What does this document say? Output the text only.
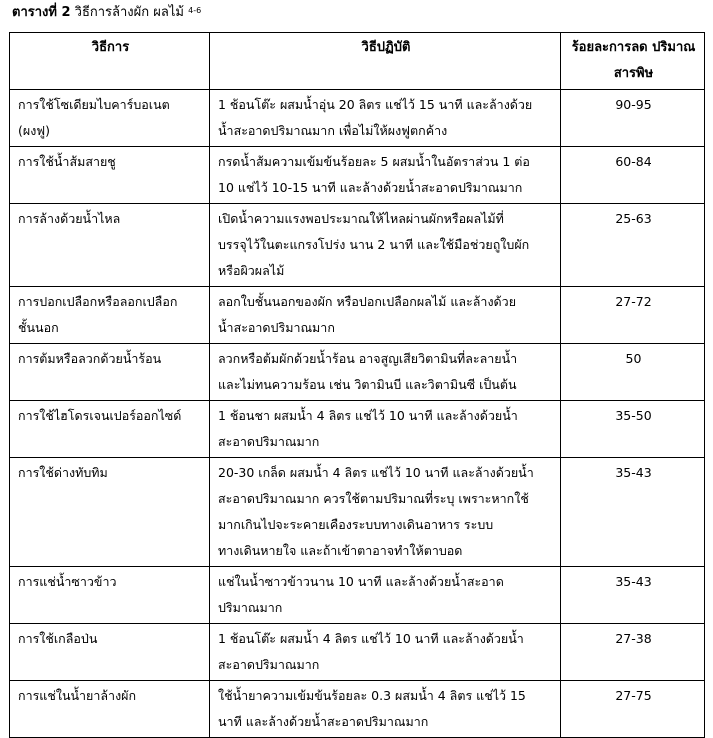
ตารางที่ 2 วิธีการล้างผัก ผลไม้ $^{4-6}$
วิธีการ	วิธีปฏิบัติ	ร้อยละการลด ปริมาณสารพิษ

การใช้โซเดียมไบคาร์บอเนต
(ผงฟู)	1 ช้อนโต๊ะ ผสมน้ำอุ่น 20 ลิตร แช่ไว้ 15 นาที และล้างด้วย
น้ำสะอาดปริมาณมาก เพื่อไม่ให้ผงฟูตกค้าง	90-95

การใช้น้ำส้มสายชู	กรดน้ำส้มความเข้มข้นร้อยละ 5 ผสมน้ำในอัตราส่วน 1 ต่อ
10 แช่ไว้ 10-15 นาที และล้างด้วยน้ำสะอาดปริมาณมาก	60-84

การล้างด้วยน้ำไหล	เปิดน้ำความแรงพอประมาณให้ไหลผ่านผักหรือผลไม้ที่
บรรจุไว้ในตะแกรงโปร่ง นาน 2 นาที และใช้มือช่วยถูใบผัก
หรือผิวผลไม้	25-63

การปอกเปลือกหรือลอกเปลือก
ชั้นนอก	ลอกใบชั้นนอกของผัก หรือปอกเปลือกผลไม้ และล้างด้วย
น้ำสะอาดปริมาณมาก	27-72

การต้มหรือลวกด้วยน้ำร้อน	ลวกหรือต้มผักด้วยน้ำร้อน อาจสูญเสียวิตามินที่ละลายน้ำ
และไม่ทนความร้อน เช่น วิตามินบี และวิตามินซี เป็นต้น	50

การใช้ไฮโดรเจนเปอร์ออกไซด์	1 ช้อนชา ผสมน้ำ 4 ลิตร แช่ไว้ 10 นาที และล้างด้วยน้ำ
สะอาดปริมาณมาก	35-50

การใช้ด่างทับทิม	20-30 เกล็ด ผสมน้ำ 4 ลิตร แช่ไว้ 10 นาที และล้างด้วยน้ำ
สะอาดปริมาณมาก ควรใช้ตามปริมาณที่ระบุ เพราะหากใช้
มากเกินไปจะระคายเคืองระบบทางเดินอาหาร ระบบ
ทางเดินหายใจ และถ้าเข้าตาอาจทำให้ตาบอด	35-43

การแช่น้ำซาวข้าว	แช่ในน้ำซาวข้าวนาน 10 นาที และล้างด้วยน้ำสะอาด
ปริมาณมาก	35-43

การใช้เกลือป่น	1 ช้อนโต๊ะ ผสมน้ำ 4 ลิตร แช่ไว้ 10 นาที และล้างด้วยน้ำ
สะอาดปริมาณมาก	27-38

การแช่ในน้ำยาล้างผัก	ใช้น้ำยาความเข้มข้นร้อยละ 0.3 ผสมน้ำ 4 ลิตร แช่ไว้ 15
นาที และล้างด้วยน้ำสะอาดปริมาณมาก	27-75
